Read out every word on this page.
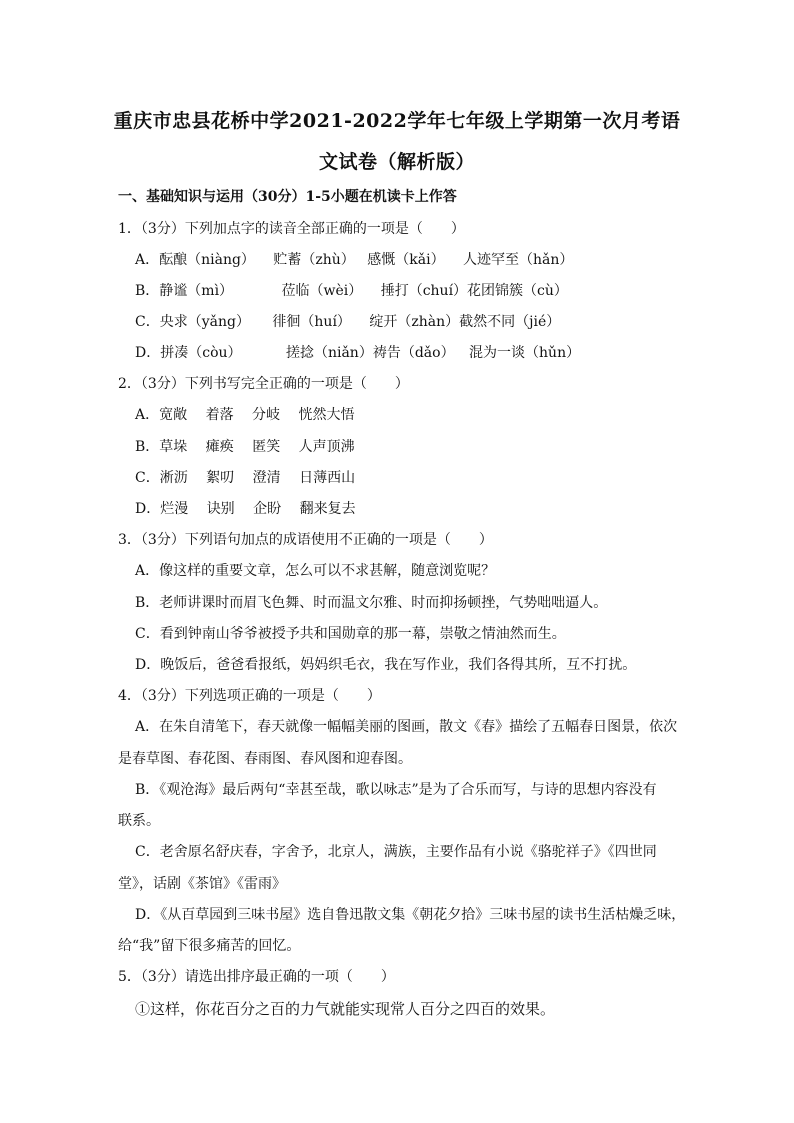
重庆市忠县花桥中学2021-2022学年七年级上学期第一次月考语
文试卷（解析版）
一、基础知识与运用（30分）1-5小题在机读卡上作答
1．（3分）下列加点字的读音全部正确的一项是（　　）
A．酝酿（niàng） 贮蓄（zhù） 感慨（kǎi） 人迹罕至（hǎn）
B．静谧（mì）	莅临（wèi） 捶打（chuí）花团锦簇（cù）
C．央求（yǎng） 徘徊（huí） 绽开（zhàn）截然不同（jié）
D．拼凑（còu）	搓捻（niǎn）祷告（dǎo） 混为一谈（hǔn）
2．（3分）下列书写完全正确的一项是（　　）
A．宽敞 着落 分岐 恍然大悟
B．草垛 瘫痪 匿笑 人声顶沸
C．淅沥 絮叨 澄清 日薄西山
D．烂漫 诀别 企盼 翻来复去
3．（3分）下列语句加点的成语使用不正确的一项是（　　）
A．像这样的重要文章，怎么可以不求甚解，随意浏览呢？
B．老师讲课时而眉飞色舞、时而温文尔雅、时而抑扬顿挫，气势咄咄逼人。
C．看到钟南山爷爷被授予共和国勋章的那一幕，崇敬之情油然而生。
D．晚饭后，爸爸看报纸，妈妈织毛衣，我在写作业，我们各得其所，互不打扰。
4．（3分）下列选项正确的一项是（　　）
A．在朱自清笔下，春天就像一幅幅美丽的图画，散文《春》描绘了五幅春日图景，依次
是春草图、春花图、春雨图、春风图和迎春图。
B．《观沧海》最后两句“幸甚至哉，歌以咏志”是为了合乐而写，与诗的思想内容没有
联系。
C．老舍原名舒庆春，字舍予，北京人，满族，主要作品有小说《骆驼祥子》《四世同
堂》，话剧《茶馆》《雷雨》
D．《从百草园到三味书屋》选自鲁迅散文集《朝花夕拾》三味书屋的读书生活枯燥乏味，
给“我”留下很多痛苦的回忆。
5．（3分）请选出排序最正确的一项（　　）
①这样，你花百分之百的力气就能实现常人百分之四百的效果。
